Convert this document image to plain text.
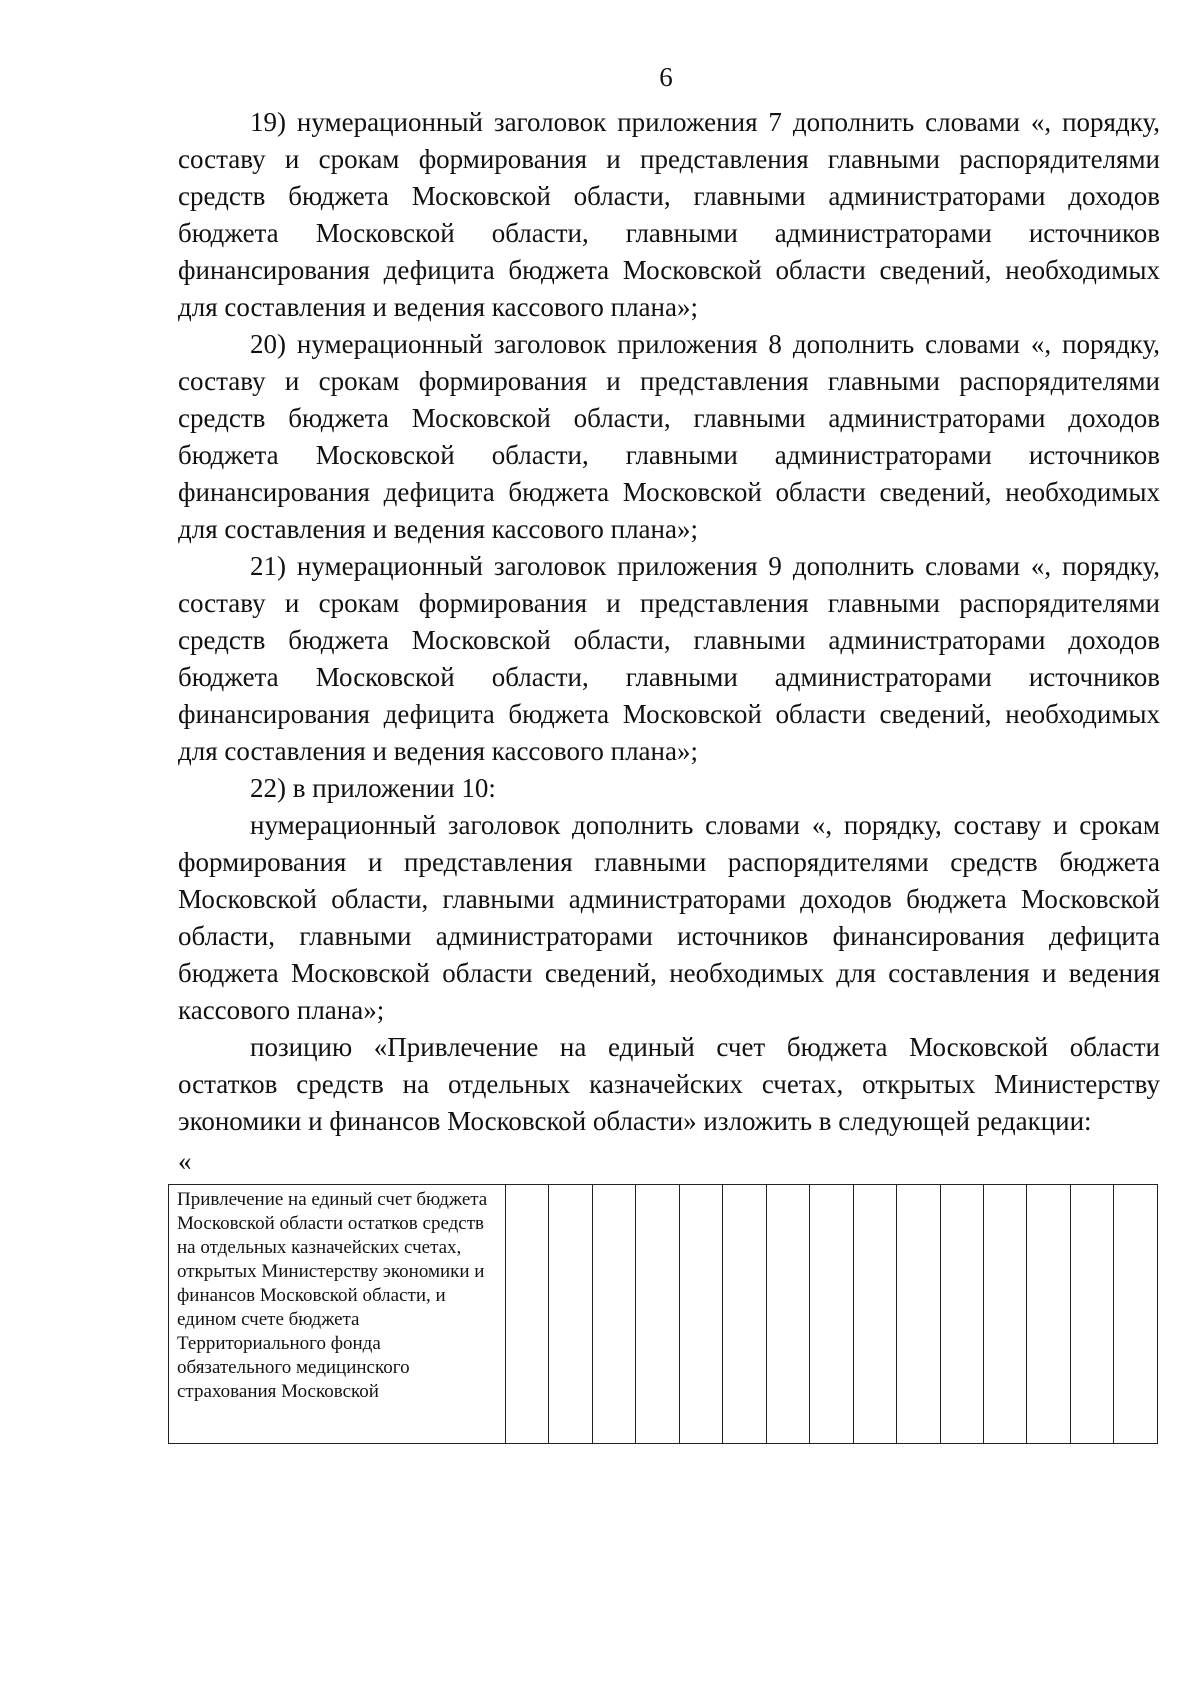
6

19) нумерационный заголовок приложения 7 дополнить словами «, порядку, составу и срокам формирования и представления главными распорядителями средств бюджета Московской области, главными администраторами доходов бюджета Московской области, главными администраторами источников финансирования дефицита бюджета Московской области сведений, необходимых для составления и ведения кассового плана»;

20) нумерационный заголовок приложения 8 дополнить словами «, порядку, составу и срокам формирования и представления главными распорядителями средств бюджета Московской области, главными администраторами доходов бюджета Московской области, главными администраторами источников финансирования дефицита бюджета Московской области сведений, необходимых для составления и ведения кассового плана»;

21) нумерационный заголовок приложения 9 дополнить словами «, порядку, составу и срокам формирования и представления главными распорядителями средств бюджета Московской области, главными администраторами доходов бюджета Московской области, главными администраторами источников финансирования дефицита бюджета Московской области сведений, необходимых для составления и ведения кассового плана»;

22) в приложении 10:

нумерационный заголовок дополнить словами «, порядку, составу и срокам формирования и представления главными распорядителями средств бюджета Московской области, главными администраторами доходов бюджета Московской области, главными администраторами источников финансирования дефицита бюджета Московской области сведений, необходимых для составления и ведения кассового плана»;

позицию «Привлечение на единый счет бюджета Московской области остатков средств на отдельных казначейских счетах, открытых Министерству экономики и финансов Московской области» изложить в следующей редакции:

«

Привлечение на единый счет бюджета Московской области остатков средств на отдельных казначейских счетах, открытых Министерству экономики и финансов Московской области, и едином счете бюджета Территориального фонда обязательного медицинского страхования Московской															
